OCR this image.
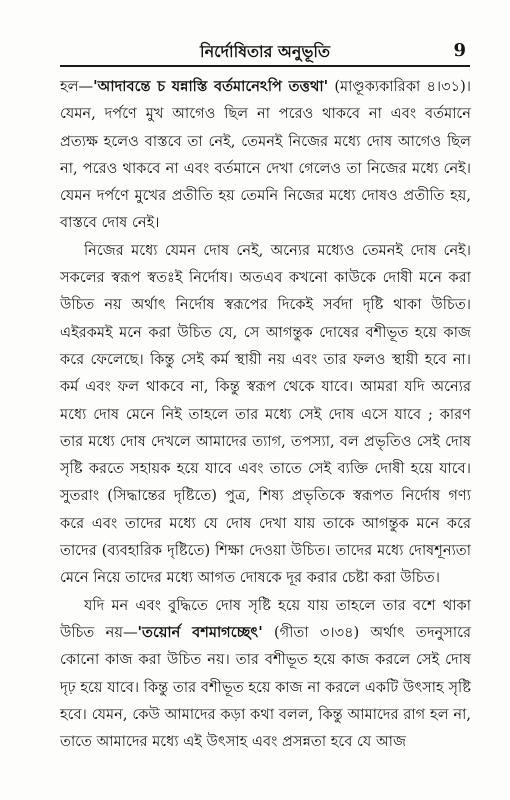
নির্দোষিতার অনুভূতি	9

হল—'আদাবন্তে চ যন্নাস্তি বর্তমানেঽপি তত্তথা' (মাণ্ডূক্যকারিকা ৪।৩১)। যেমন, দর্পণে মুখ আগেও ছিল না পরেও থাকবে না এবং বর্তমানে প্রত্যক্ষ হলেও বাস্তবে তা নেই, তেমনই নিজের মধ্যে দোষ আগেও ছিল না, পরেও থাকবে না এবং বর্তমানে দেখা গেলেও তা নিজের মধ্যে নেই। যেমন দর্পণে মুখের প্রতীতি হয় তেমনি নিজের মধ্যে দোষও প্রতীতি হয়, বাস্তবে দোষ নেই।

নিজের মধ্যে যেমন দোষ নেই, অন্যের মধ্যেও তেমনই দোষ নেই। সকলের স্বরূপ স্বতঃই নির্দোষ। অতএব কখনো কাউকে দোষী মনে করা উচিত নয় অর্থাৎ নির্দোষ স্বরূপের দিকেই সর্বদা দৃষ্টি থাকা উচিত। এইরকমই মনে করা উচিত যে, সে আগন্তুক দোষের বশীভূত হয়ে কাজ করে ফেলেছে। কিন্তু সেই কর্ম স্থায়ী নয় এবং তার ফলও স্থায়ী হবে না। কর্ম এবং ফল থাকবে না, কিন্তু স্বরূপ থেকে যাবে। আমরা যদি অন্যের মধ্যে দোষ মেনে নিই তাহলে তার মধ্যে সেই দোষ এসে যাবে ; কারণ তার মধ্যে দোষ দেখলে আমাদের ত্যাগ, তপস্যা, বল প্রভৃতিও সেই দোষ সৃষ্টি করতে সহায়ক হয়ে যাবে এবং তাতে সেই ব্যক্তি দোষী হয়ে যাবে। সুতরাং (সিদ্ধান্তের দৃষ্টিতে) পুত্র, শিষ্য প্রভৃতিকে স্বরূপত নির্দোষ গণ্য করে এবং তাদের মধ্যে যে দোষ দেখা যায় তাকে আগন্তুক মনে করে তাদের (ব্যবহারিক দৃষ্টিতে) শিক্ষা দেওয়া উচিত। তাদের মধ্যে দোষশূন্যতা মেনে নিয়ে তাদের মধ্যে আগত দোষকে দূর করার চেষ্টা করা উচিত।

যদি মন এবং বুদ্ধিতে দোষ সৃষ্টি হয়ে যায় তাহলে তার বশে থাকা উচিত নয়—'তয়োর্ন বশমাগচ্ছেৎ' (গীতা ৩।৩৪) অর্থাৎ তদনুসারে কোনো কাজ করা উচিত নয়। তার বশীভূত হয়ে কাজ করলে সেই দোষ দৃঢ় হয়ে যাবে। কিন্তু তার বশীভূত হয়ে কাজ না করলে একটি উৎসাহ সৃষ্টি হবে। যেমন, কেউ আমাদের কড়া কথা বলল, কিন্তু আমাদের রাগ হল না, তাতে আমাদের মধ্যে এই উৎসাহ এবং প্রসন্নতা হবে যে আজ
